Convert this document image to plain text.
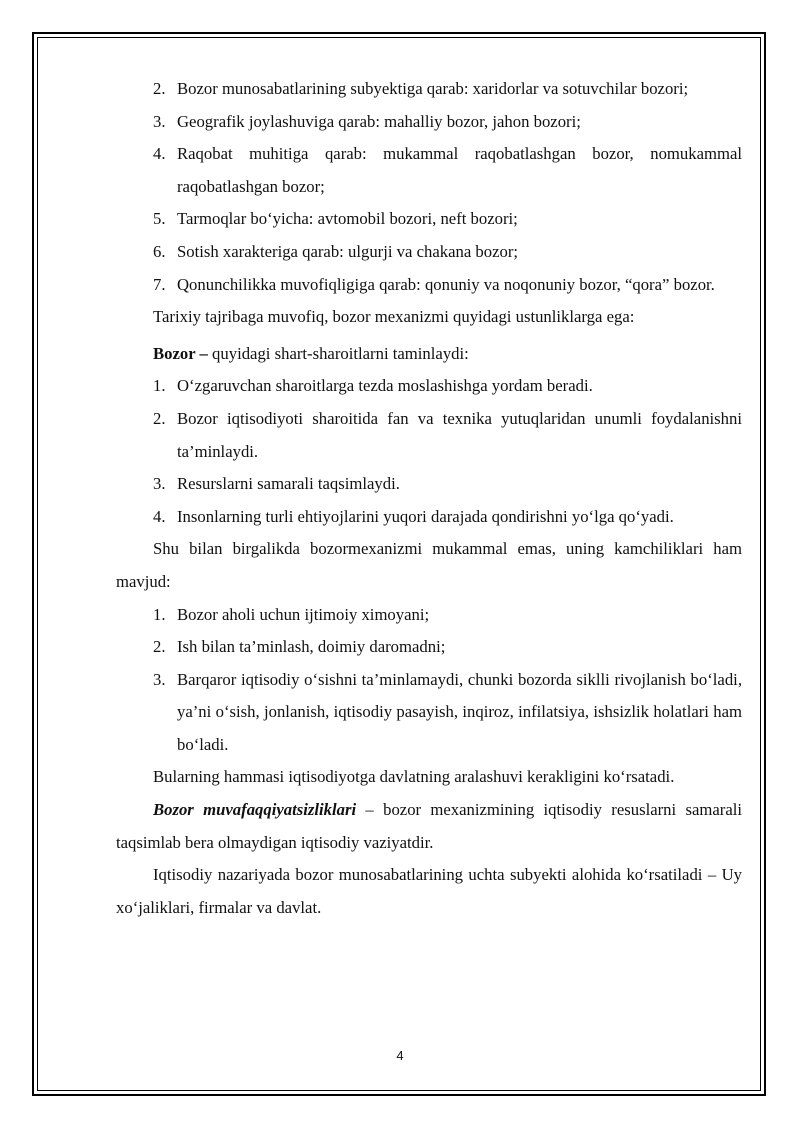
2. Bozor munosabatlarining subyektiga qarab: xaridorlar va sotuvchilar bozori;
3. Geografik joylashuviga qarab: mahalliy bozor, jahon bozori;
4. Raqobat muhitiga qarab: mukammal raqobatlashgan bozor, nomukammal raqobatlashgan bozor;
5. Tarmoqlar bo‘yicha: avtomobil bozori, neft bozori;
6. Sotish xarakteriga qarab: ulgurji va chakana bozor;
7. Qonunchilikka muvofiqligiga qarab: qonuniy va noqonuniy bozor, “qora” bozor.

Tarixiy tajribaga muvofiq, bozor mexanizmi quyidagi ustunliklarga ega:

Bozor – quyidagi shart-sharoitlarni taminlaydi:

1. O‘zgaruvchan sharoitlarga tezda moslashishga yordam beradi.
2. Bozor iqtisodiyoti sharoitida fan va texnika yutuqlaridan unumli foydalanishni ta’minlaydi.
3. Resurslarni samarali taqsimlaydi.
4. Insonlarning turli ehtiyojlarini yuqori darajada qondirishni yo‘lga qo‘yadi.

Shu bilan birgalikda bozormexanizmi mukammal emas, uning kamchiliklari ham mavjud:

1. Bozor aholi uchun ijtimoiy ximoyani;
2. Ish bilan ta’minlash, doimiy daromadni;
3. Barqaror iqtisodiy o‘sishni ta’minlamaydi, chunki bozorda siklli rivojlanish bo‘ladi, ya’ni o‘sish, jonlanish, iqtisodiy pasayish, inqiroz, infilatsiya, ishsizlik holatlari ham bo‘ladi.

Bularning hammasi iqtisodiyotga davlatning aralashuvi kerakligini ko‘rsatadi.

Bozor muvafaqqiyatsizliklari – bozor mexanizmining iqtisodiy resuslarni samarali taqsimlab bera olmaydigan iqtisodiy vaziyatdir.

Iqtisodiy nazariyada bozor munosabatlarining uchta subyekti alohida ko‘rsatiladi – Uy xo‘jaliklari, firmalar va davlat.

4
